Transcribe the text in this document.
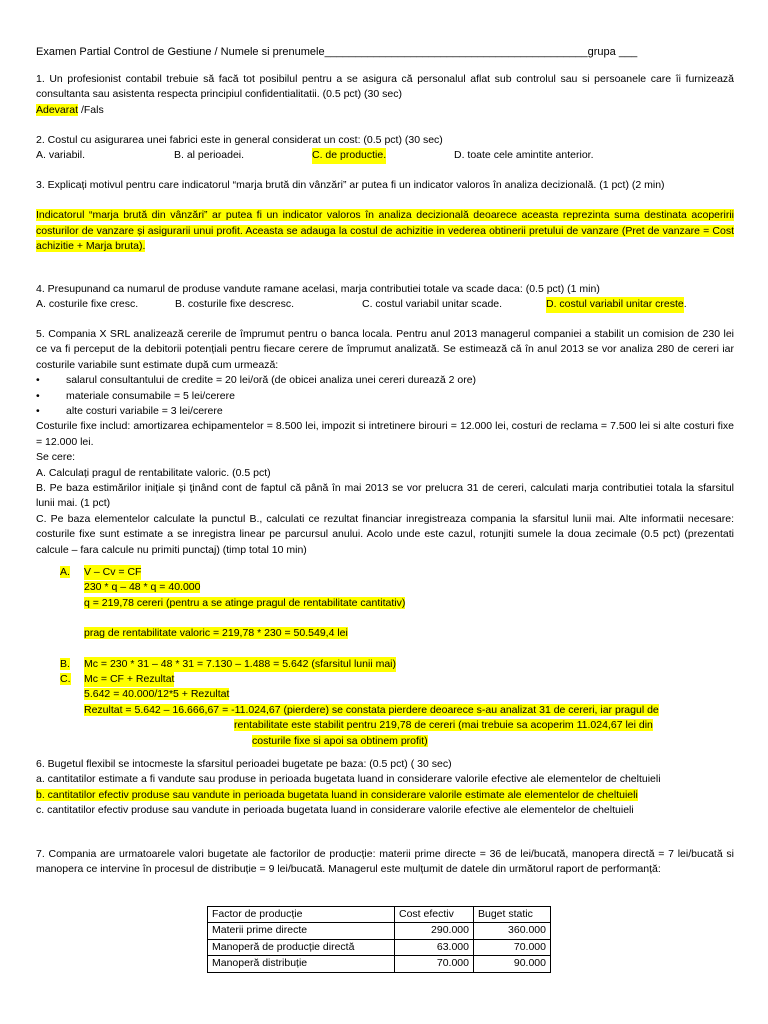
Examen Partial Control de Gestiune / Numele si prenumele___________________________________________grupa ___
1. Un profesionist contabil trebuie să facă tot posibilul pentru a se asigura că personalul aflat sub controlul sau si persoanele care îi furnizează consultanta sau asistenta respecta principiul confidentialitatii. (0.5 pct) (30 sec)
Adevarat /Fals
2. Costul cu asigurarea unei fabrici este in general considerat un cost: (0.5 pct) (30 sec)
A. variabil.	B. al perioadei.	C. de productie.	D. toate cele amintite anterior.
3. Explicați motivul pentru care indicatorul “marja brută din vânzări” ar putea fi un indicator valoros în analiza decizională. (1 pct) (2 min)
Indicatorul “marja brută din vânzări” ar putea fi un indicator valoros în analiza decizională deoarece aceasta reprezinta suma destinata acoperirii costurilor de vanzare și asigurarii unui profit. Aceasta se adauga la costul de achizitie in vederea obtinerii pretului de vanzare (Pret de vanzare = Cost achizitie + Marja bruta).
4. Presupunand ca numarul de produse vandute ramane acelasi, marja contributiei totale va scade daca: (0.5 pct) (1 min)
A. costurile fixe cresc.	B. costurile fixe descresc.	C. costul variabil unitar scade.	D. costul variabil unitar creste.
5. Compania X SRL analizează cererile de împrumut pentru o banca locala. Pentru anul 2013 managerul companiei a stabilit un comision de 230 lei ce va fi perceput de la debitorii potențiali pentru fiecare cerere de împrumut analizată. Se estimează că în anul 2013 se vor analiza 280 de cereri iar costurile variabile sunt estimate după cum urmează:
• salarul consultantului de credite = 20 lei/oră (de obicei analiza unei cereri durează 2 ore)
• materiale consumabile = 5 lei/cerere
• alte costuri variabile = 3 lei/cerere
Costurile fixe includ: amortizarea echipamentelor = 8.500 lei, impozit si intretinere birouri = 12.000 lei, costuri de reclama = 7.500 lei si alte costuri fixe = 12.000 lei.
Se cere:
A. Calculați pragul de rentabilitate valoric. (0.5 pct)
B. Pe baza estimărilor inițiale și ţinând cont de faptul că până în mai 2013 se vor prelucra 31 de cereri, calculati marja contributiei totala la sfarsitul lunii mai. (1 pct)
C. Pe baza elementelor calculate la punctul B., calculati ce rezultat financiar inregistreaza compania la sfarsitul lunii mai. Alte informatii necesare: costurile fixe sunt estimate a se inregistra linear pe parcursul anului. Acolo unde este cazul, rotunjiti sumele la doua zecimale (0.5 pct) (prezentati calcule – fara calcule nu primiti punctaj) (timp total 10 min)
A.	V – Cv = CF
230 * q – 48 * q = 40.000
q = 219,78 cereri (pentru a se atinge pragul de rentabilitate cantitativ)
prag de rentabilitate valoric = 219,78 * 230 = 50.549,4 lei
B.	Mc = 230 * 31 – 48 * 31 = 7.130 – 1.488 = 5.642 (sfarsitul lunii mai)
C.	Mc = CF + Rezultat
5.642 = 40.000/12*5 + Rezultat
Rezultat = 5.642 – 16.666,67 = -11.024,67 (pierdere) se constata pierdere deoarece s-au analizat 31 de cereri, iar pragul de
rentabilitate este stabilit pentru 219,78 de cereri (mai trebuie sa acoperim 11.024,67 lei din
costurile fixe si apoi sa obtinem profit)
6. Bugetul flexibil se intocmeste la sfarsitul perioadei bugetate pe baza: (0.5 pct) ( 30 sec)
a. cantitatilor estimate a fi vandute sau produse in perioada bugetata luand in considerare valorile efective ale elementelor de cheltuieli
b. cantitatilor efectiv produse sau vandute in perioada bugetata luand in considerare valorile estimate ale elementelor de cheltuieli
c. cantitatilor efectiv produse sau vandute in perioada bugetata luand in considerare valorile efective ale elementelor de cheltuieli
7. Compania are urmatoarele valori bugetate ale factorilor de producție: materii prime directe = 36 de lei/bucată, manopera directă = 7 lei/bucată si manopera ce intervine în procesul de distribuție = 9 lei/bucată. Managerul este mulțumit de datele din următorul raport de performanță:
Factor de producție	Cost efectiv	Buget static
Materii prime directe	290.000	360.000
Manoperă de producție directă	63.000	70.000
Manoperă distribuție	70.000	90.000
